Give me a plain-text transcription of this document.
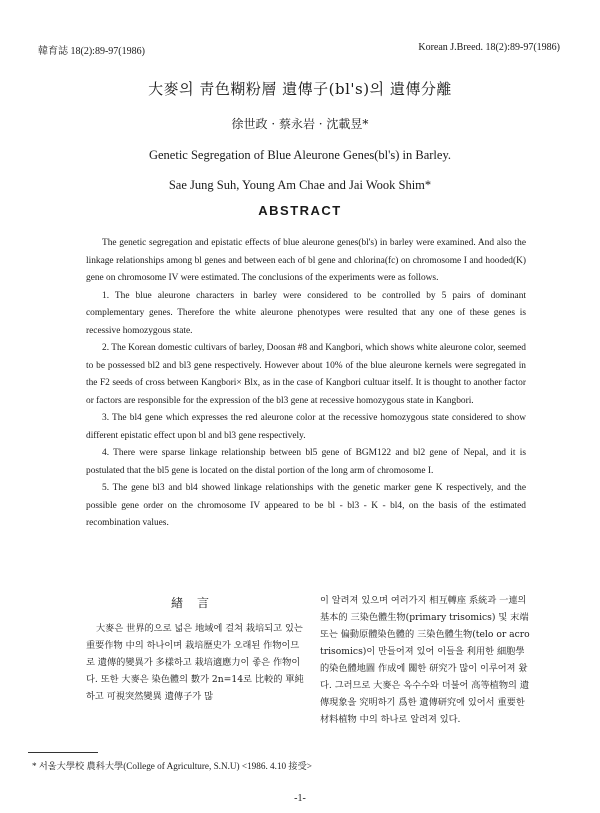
韓育誌 18(2):89-97(1986)	Korean J.Breed. 18(2):89-97(1986)
大麥의 靑色糊粉層 遺傳子(bl's)의 遺傳分離
徐世政 · 蔡永岩 · 沈載昱*
Genetic Segregation of Blue Aleurone Genes(bl's) in Barley.
Sae Jung Suh, Young Am Chae and Jai Wook Shim*
ABSTRACT

The genetic segregation and epistatic effects of blue aleurone genes(bl's) in barley were examined. And also the linkage relationships among bl genes and between each of bl gene and chlorina(fc) on chromosome I and hooded(K) gene on chromosome IV were estimated. The conclusions of the experiments were as follows.

1. The blue aleurone characters in barley were considered to be controlled by 5 pairs of dominant complementary genes. Therefore the white aleurone phenotypes were resulted that any one of these genes is recessive homozygous state.

2. The Korean domestic cultivars of barley, Doosan #8 and Kangbori, which shows white aleurone color, seemed to be possessed bl2 and bl3 gene respectively. However about 10% of the blue aleurone kernels were segregated in the F2 seeds of cross between Kangbori× Blx, as in the case of Kangbori cultuar itself. It is thought to another factor or factors are responsible for the expression of the bl3 gene at recessive homozygous state in Kangbori.

3. The bl4 gene which expresses the red aleurone color at the recessive homozygous state considered to show different epistatic effect upon bl and bl3 gene respectively.

4. There were sparse linkage relationship between bl5 gene of BGM122 and bl2 gene of Nepal, and it is postulated that the bl5 gene is located on the distal portion of the long arm of chromosome I.

5. The gene bl3 and bl4 showed linkage relationships with the genetic marker gene K respectively, and the possible gene order on the chromosome IV appeared to be bl - bl3 - K - bl4, on the basis of the estimated recombination values.

緖言

大麥은 世界的으로 넓은 地域에 걸쳐 栽培되고 있는 重要作物 中의 하나이며 栽培歷史가 오래된 作物이므로 遺傳的變異가 多樣하고 栽培適應力이 좋은 作物이다. 또한 大麥은 染色體의 數가 2n=14로 比較的 單純하고 可視突然變異 遺傳子가 많

이 알려져 있으며 여러가지 相互轉座 系統과 一連의 基本的 三染色體生物(primary trisomics) 및 末端 또는 偏動原體染色體的 三染色體生物(telo or acro trisomics)이 만들어져 있어 이들을 利用한 細胞學的染色體地圖 作成에 關한 研究가 많이 이루어져 왔다. 그러므로 大麥은 옥수수와 더불어 高等植物의 遺傳現象을 究明하기 爲한 遺傳研究에 있어서 重要한 材料植物 中의 하나로 알려져 있다.

* 서울大學校 農科大學(College of Agriculture, S.N.U) <1986. 4.10 接受>
-1-
